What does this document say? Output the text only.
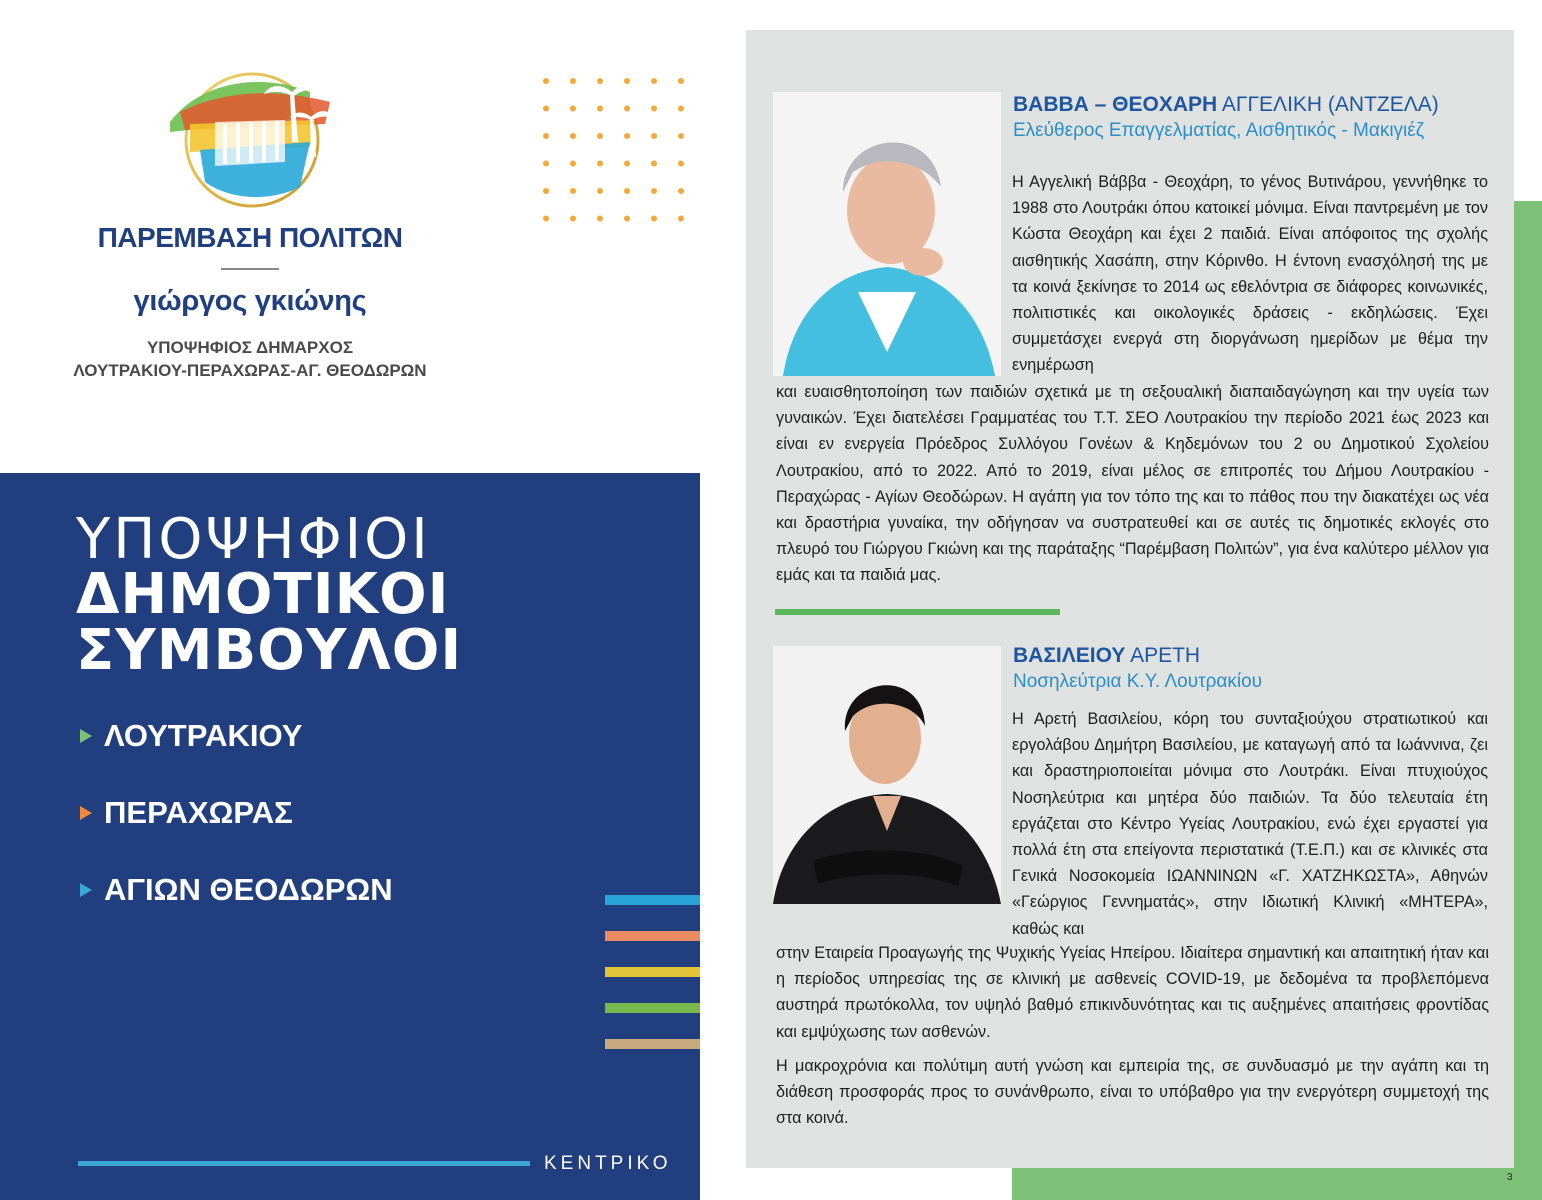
ΠΑΡΕΜΒΑΣΗ ΠΟΛΙΤΩΝ
γιώργος γκιώνης
ΥΠΟΨΗΦΙΟΣ ΔΗΜΑΡΧΟΣ
ΛΟΥΤΡΑΚΙΟΥ-ΠΕΡΑΧΩΡΑΣ-ΑΓ. ΘΕΟΔΩΡΩΝ
ΥΠΟΨΗΦΙΟΙ
ΔΗΜΟΤΙΚΟΙ
ΣΥΜΒΟΥΛΟΙ
ΛΟΥΤΡΑΚΙΟΥ
ΠΕΡΑΧΩΡΑΣ
ΑΓΙΩΝ ΘΕΟΔΩΡΩΝ
ΚΕΝΤΡΙΚΟ
ΒΑΒΒΑ – ΘΕΟΧΑΡΗ ΑΓΓΕΛΙΚΗ (ΑΝΤΖΕΛΑ)
Ελεύθερος Επαγγελματίας, Αισθητικός - Μακιγιέζ

Η Αγγελική Βάββα - Θεοχάρη, το γένος Βυτινάρου, γεννήθηκε το 1988 στο Λουτράκι όπου κατοικεί μόνιμα. Είναι παντρεμένη με τον Κώστα Θεοχάρη και έχει 2 παιδιά. Είναι απόφοιτος της σχολής αισθητικής Χασάπη, στην Κόρινθο. Η έντονη ενασχόλησή της με τα κοινά ξεκίνησε το 2014 ως εθελόντρια σε διάφορες κοινωνικές, πολιτιστικές και οικολογικές δράσεις - εκδηλώσεις. Έχει συμμετάσχει ενεργά στη διοργάνωση ημερίδων με θέμα την ενημέρωση

και ευαισθητοποίηση των παιδιών σχετικά με τη σεξουαλική διαπαιδαγώγηση και την υγεία των γυναικών. Έχει διατελέσει Γραμματέας του Τ.Τ. ΣΕΟ Λουτρακίου την περίοδο 2021 έως 2023 και είναι εν ενεργεία Πρόεδρος Συλλόγου Γονέων & Κηδεμόνων του 2 ου Δημοτικού Σχολείου Λουτρακίου, από το 2022. Από το 2019, είναι μέλος σε επιτροπές του Δήμου Λουτρακίου - Περαχώρας - Αγίων Θεοδώρων. Η αγάπη για τον τόπο της και το πάθος που την διακατέχει ως νέα και δραστήρια γυναίκα, την οδήγησαν να συστρατευθεί και σε αυτές τις δημοτικές εκλογές στο πλευρό του Γιώργου Γκιώνη και της παράταξης “Παρέμβαση Πολιτών”, για ένα καλύτερο μέλλον για εμάς και τα παιδιά μας.

ΒΑΣΙΛΕΙΟΥ ΑΡΕΤΗ
Νοσηλεύτρια Κ.Υ. Λουτρακίου

Η Αρετή Βασιλείου, κόρη του συνταξιούχου στρατιωτικού και εργολάβου Δημήτρη Βασιλείου, με καταγωγή από τα Ιωάννινα, ζει και δραστηριοποιείται μόνιμα στο Λουτράκι. Είναι πτυχιούχος Νοσηλεύτρια και μητέρα δύο παιδιών. Τα δύο τελευταία έτη εργάζεται στο Κέντρο Υγείας Λουτρακίου, ενώ έχει εργαστεί για πολλά έτη στα επείγοντα περιστατικά (Τ.Ε.Π.) και σε κλινικές στα Γενικά Νοσοκομεία ΙΩΑΝΝΙΝΩΝ «Γ. ΧΑΤΖΗΚΩΣΤΑ», Αθηνών «Γεώργιος Γεννηματάς», στην Ιδιωτική Κλινική «ΜΗΤΕΡΑ», καθώς και

στην Εταιρεία Προαγωγής της Ψυχικής Υγείας Ηπείρου. Ιδιαίτερα σημαντική και απαιτητική ήταν και η περίοδος υπηρεσίας της σε κλινική με ασθενείς COVID-19, με δεδομένα τα προβλεπόμενα αυστηρά πρωτόκολλα, τον υψηλό βαθμό επικινδυνότητας και τις αυξημένες απαιτήσεις φροντίδας και εμψύχωσης των ασθενών.

Η μακροχρόνια και πολύτιμη αυτή γνώση και εμπειρία της, σε συνδυασμό με την αγάπη και τη διάθεση προσφοράς προς το συνάνθρωπο, είναι το υπόβαθρο για την ενεργότερη συμμετοχή της στα κοινά.

3
